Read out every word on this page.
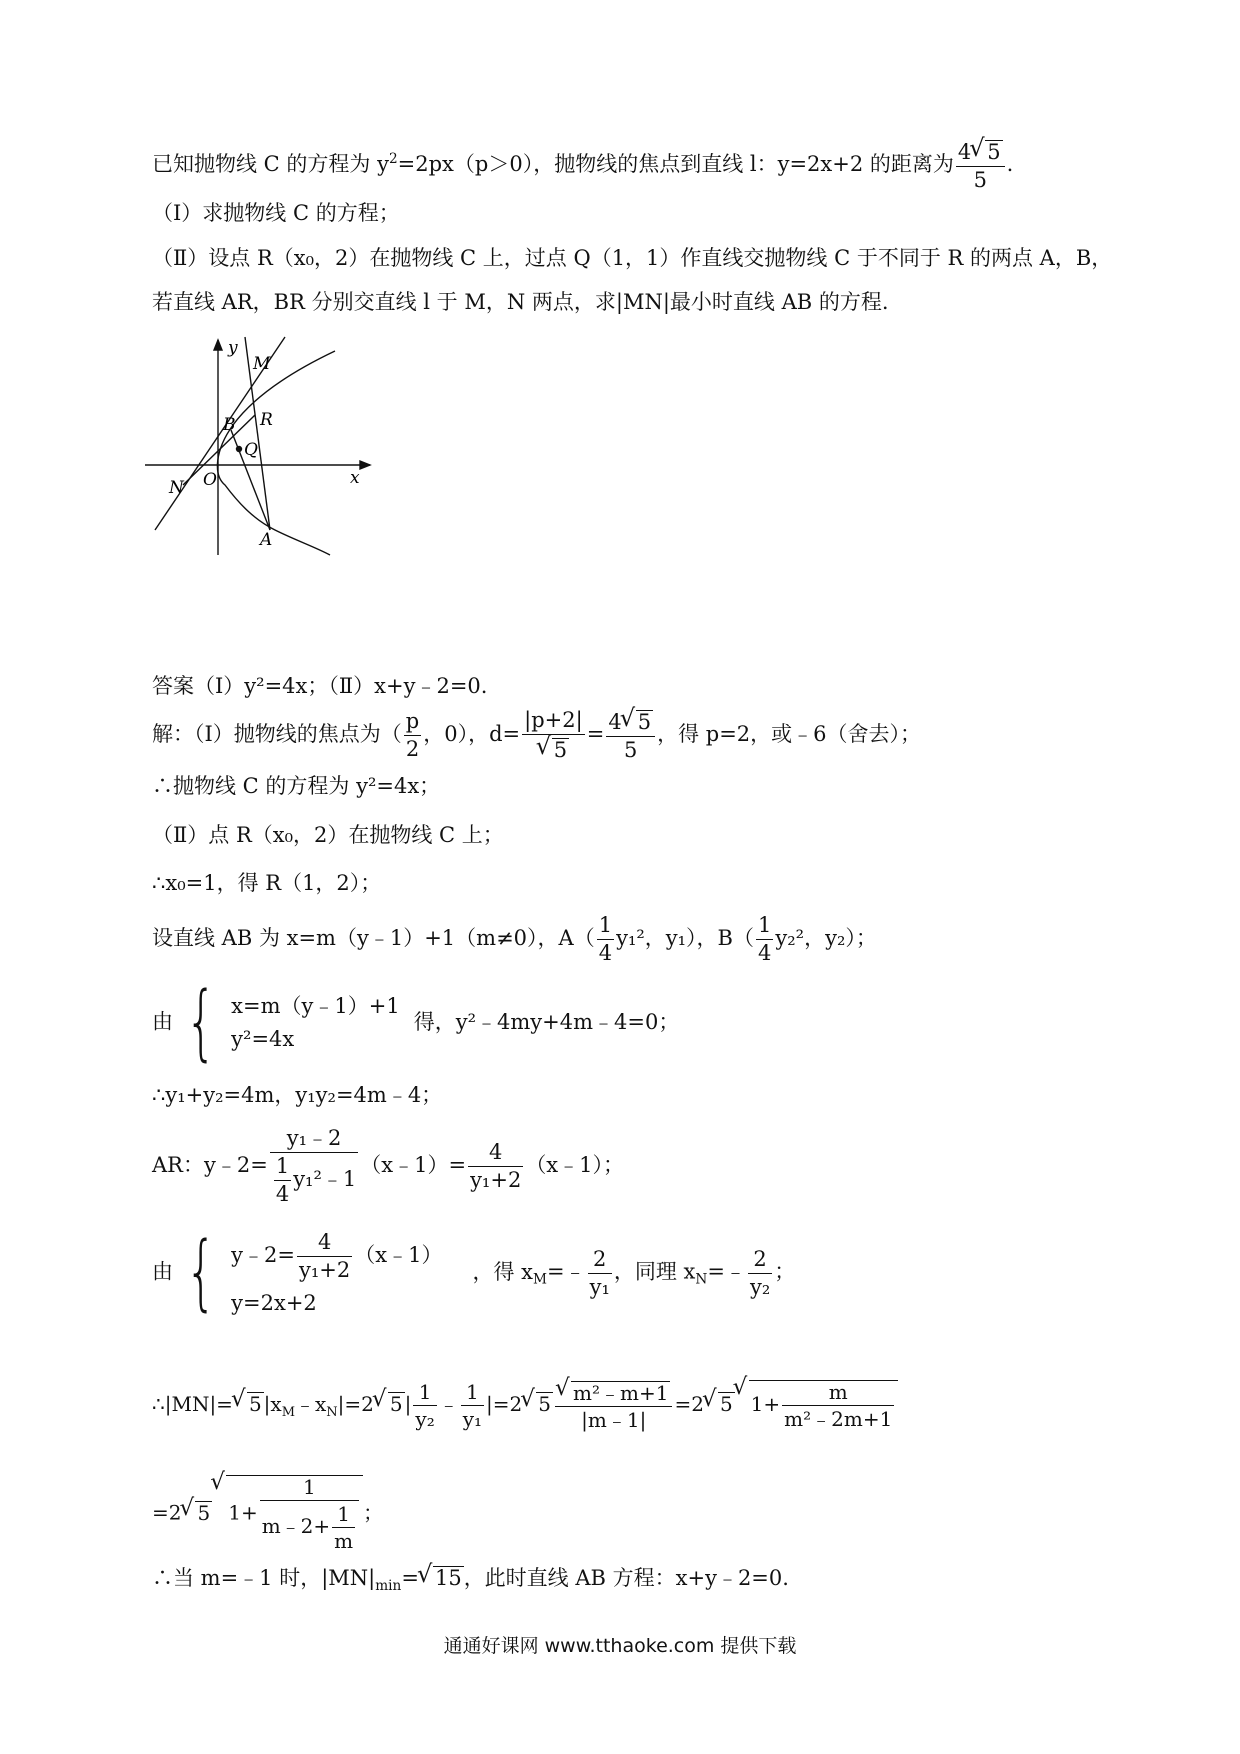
已知抛物线 C 的方程为 $y^2=2px(p>0)$，抛物线的焦点到直线 l：y=2x+2 的距离为 $\frac{4√ 5}{5}$ .
（Ⅰ）求抛物线 C 的方程；
（Ⅱ）设点 R（x₀，2）在抛物线 C 上，过点 Q（1，1）作直线交抛物线 C 于不同于 R 的两点 A，B，
若直线 AR，BR 分别交直线 l 于 M，N 两点，求|MN|最小时直线 AB 的方程.
y
x
O
M
N
B R
Q
A
答案（Ⅰ）y²=4x；（Ⅱ）x+y﹣2=0.
解：（Ⅰ）抛物线的焦点为（ $\frac{p}{2}$ ，0），d= |p+2|
√ $5 = \frac{4√ 5}{5}$ ，得 p=2，或﹣6（舍去）；
∴抛物线 C 的方程为 y²=4x；
（Ⅱ）点 R（x₀，2）在抛物线 C 上；
∴x₀=1，得 R（1，2）；
设直线 AB 为 x=m（y﹣1）+1（m≠0），$A( \frac{1}{4} y_1^2$，y₁），$B( \frac{1}{4} y_2^2$，y₂）；
由 { x=m（y﹣1）+1
y²=4x
得，y²﹣4my+4m﹣4=0；
∴y₁+y₂=4m，y₁y₂=4m﹣4；
AR：y﹣2= $\frac{\text{y₁﹣2}}{\frac{1}{4} y_1^2﹣1}$ （x﹣1）= $\frac{4}{\text{y₁+2}}$ （x﹣1）；
由 { y﹣2= $\frac{4}{\text{y₁+2}}$ （x﹣1）
y=2x+2
，得 $x_M=﹣ \frac{2}{\text{y₁}}$ ，同理 $x_N=﹣ \frac{2}{\text{y₂}}$ ；
∴|MN|=√ 5 $|x_M﹣x_N|=2√$ 5 | $\frac{1}{\text{y₂}}$ ﹣ $\frac{1}{\text{y₁}} |=2√$ 5
√ $\frac{\text{m²﹣m+1}}{|m﹣1|} =2√$ 5√ $1+ \frac{m}{\text{m²﹣2m+1}}$
=2√ 5√ $1+ \frac{1}{m﹣2+ \frac{1}{m}}$ ；
∴当 m=﹣1 时，$|MN|_{min}=√$ 15，此时直线 AB 方程：x+y﹣2=0.
通通好课网 www.tthaoke.com 提供下载
